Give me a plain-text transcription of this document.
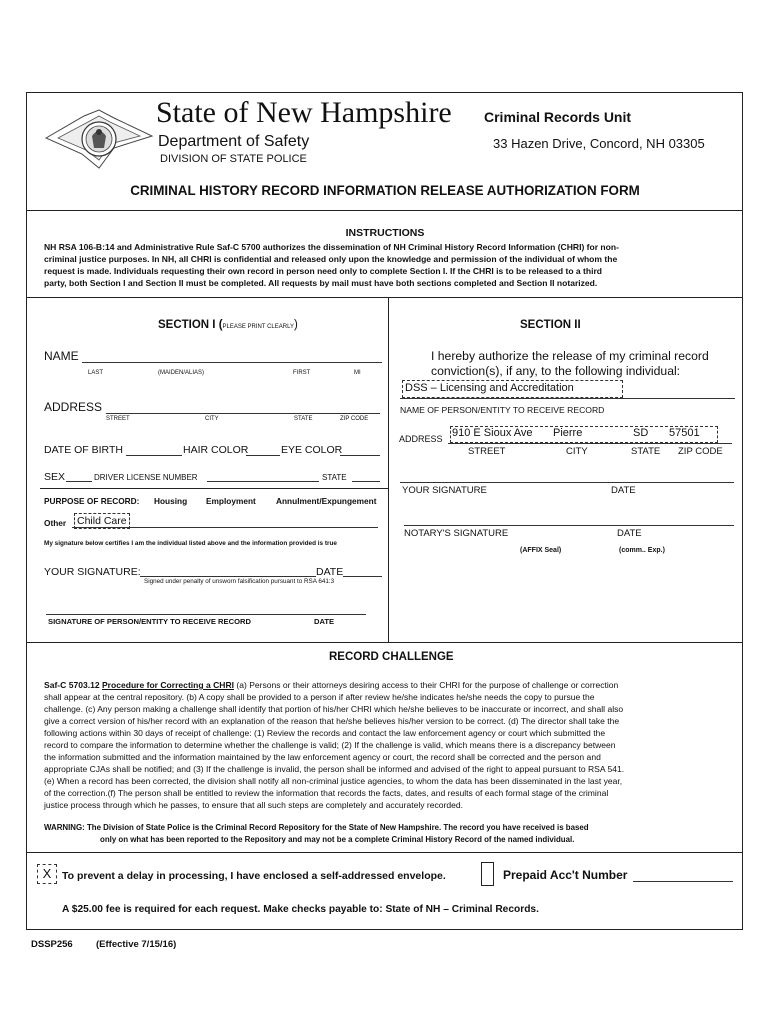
State of New Hampshire Criminal Records Unit
Department of Safety	33 Hazen Drive, Concord, NH 03305
DIVISION OF STATE POLICE
CRIMINAL HISTORY RECORD INFORMATION RELEASE AUTHORIZATION FORM
INSTRUCTIONS
NH RSA 106-B:14 and Administrative Rule Saf-C 5700 authorizes the dissemination of NH Criminal History Record Information (CHRI) for non-
criminal justice purposes. In NH, all CHRI is confidential and released only upon the knowledge and permission of the individual of whom the
request is made. Individuals requesting their own record in person need only to complete Section I. If the CHRI is to be released to a third
party, both Section I and Section II must be completed. All requests by mail must have both sections completed and Section II notarized.
SECTION I (PLEASE PRINT CLEARLY)
NAME
LAST	(MAIDEN/ALIAS)	FIRST	MI
ADDRESS
STREET	CITY	STATE	ZIP CODE
DATE OF BIRTH	HAIR COLOR	EYE COLOR
SEX	DRIVER LICENSE NUMBER	STATE
PURPOSE OF RECORD: Housing Employment Annulment/Expungement
Other Child Care
My signature below certifies I am the individual listed above and the information provided is true
YOUR SIGNATURE:	DATE
Signed under penalty of unsworn falsification pursuant to RSA 641:3
SIGNATURE OF PERSON/ENTITY TO RECEIVE RECORD	DATE
SECTION II
I hereby authorize the release of my criminal record
conviction(s), if any, to the following individual:
DSS – Licensing and Accreditation
NAME OF PERSON/ENTITY TO RECEIVE RECORD
ADDRESS 910 E Sioux Ave Pierre	SD 57501
STREET	CITY	STATE ZIP CODE
YOUR SIGNATURE	DATE
NOTARY'S SIGNATURE	DATE
(AFFIX Seal)	(comm.. Exp.)
RECORD CHALLENGE
Saf-C 5703.12 Procedure for Correcting a CHRI (a) Persons or their attorneys desiring access to their CHRI for the purpose of challenge or correction
shall appear at the central repository. (b) A copy shall be provided to a person if after review he/she indicates he/she needs the copy to pursue the
challenge. (c) Any person making a challenge shall identify that portion of his/her CHRI which he/she believes to be inaccurate or incorrect, and shall also
give a correct version of his/her record with an explanation of the reason that he/she believes his/her version to be correct. (d) The director shall take the
following actions within 30 days of receipt of challenge: (1) Review the records and contact the law enforcement agency or court which submitted the
record to compare the information to determine whether the challenge is valid; (2) If the challenge is valid, which means there is a discrepancy between
the information submitted and the information maintained by the law enforcement agency or court, the record shall be corrected and the person and
appropriate CJAs shall be notified; and (3) If the challenge is invalid, the person shall be informed and advised of the right to appeal pursuant to RSA 541.
(e) When a record has been corrected, the division shall notify all non-criminal justice agencies, to whom the data has been disseminated in the last year,
of the correction.(f) The person shall be entitled to review the information that records the facts, dates, and results of each formal stage of the criminal
justice process through which he passes, to ensure that all such steps are completely and accurately recorded.
WARNING: The Division of State Police is the Criminal Record Repository for the State of New Hampshire. The record you have received is based
only on what has been reported to the Repository and may not be a complete Criminal History Record of the named individual.
X	To prevent a delay in processing, I have enclosed a self-addressed envelope.	Prepaid Acc't Number
A $25.00 fee is required for each request. Make checks payable to: State of NH – Criminal Records.
DSSP256 (Effective 7/15/16)
